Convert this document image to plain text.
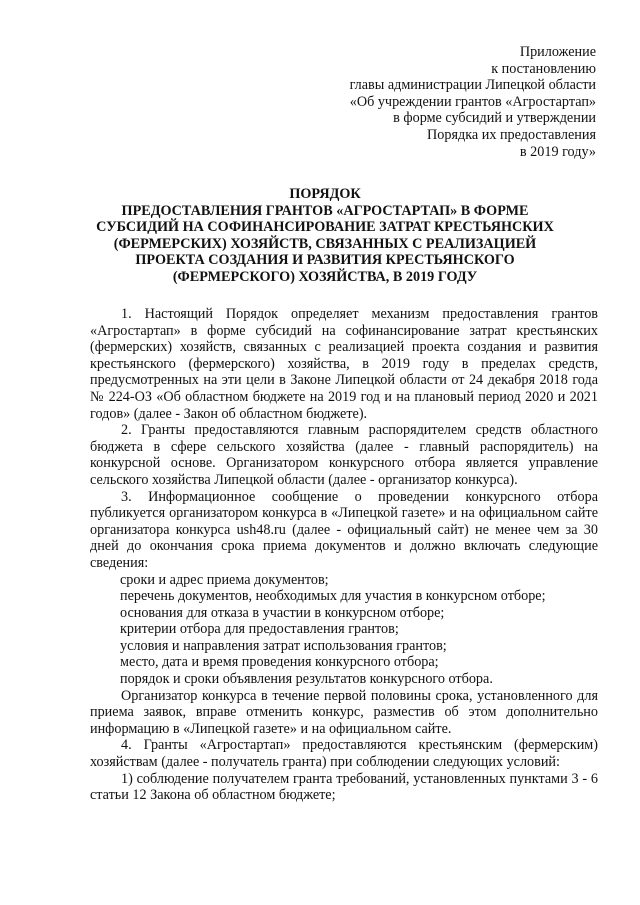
Приложение
к постановлению
главы администрации Липецкой области
«Об учреждении грантов «Агростартап»
в форме субсидий и утверждении
Порядка их предоставления
в 2019 году»
ПОРЯДОК
ПРЕДОСТАВЛЕНИЯ ГРАНТОВ «АГРОСТАРТАП» В ФОРМЕ
СУБСИДИЙ НА СОФИНАНСИРОВАНИЕ ЗАТРАТ КРЕСТЬЯНСКИХ
(ФЕРМЕРСКИХ) ХОЗЯЙСТВ, СВЯЗАННЫХ С РЕАЛИЗАЦИЕЙ
ПРОЕКТА СОЗДАНИЯ И РАЗВИТИЯ КРЕСТЬЯНСКОГО
(ФЕРМЕРСКОГО) ХОЗЯЙСТВА, В 2019 ГОДУ

1. Настоящий Порядок определяет механизм предоставления грантов «Агростартап» в форме субсидий на софинансирование затрат крестьянских (фермерских) хозяйств, связанных с реализацией проекта создания и развития крестьянского (фермерского) хозяйства, в 2019 году в пределах средств, предусмотренных на эти цели в Законе Липецкой области от 24 декабря 2018 года № 224-ОЗ «Об областном бюджете на 2019 год и на плановый период 2020 и 2021 годов» (далее - Закон об областном бюджете).

2. Гранты предоставляются главным распорядителем средств областного бюджета в сфере сельского хозяйства (далее - главный распорядитель) на конкурсной основе. Организатором конкурсного отбора является управление сельского хозяйства Липецкой области (далее - организатор конкурса).

3. Информационное сообщение о проведении конкурсного отбора публикуется организатором конкурса в «Липецкой газете» и на официальном сайте организатора конкурса ush48.ru (далее - официальный сайт) не менее чем за 30 дней до окончания срока приема документов и должно включать следующие сведения:

сроки и адрес приема документов;

перечень документов, необходимых для участия в конкурсном отборе;

основания для отказа в участии в конкурсном отборе;

критерии отбора для предоставления грантов;

условия и направления затрат использования грантов;

место, дата и время проведения конкурсного отбора;

порядок и сроки объявления результатов конкурсного отбора.

Организатор конкурса в течение первой половины срока, установленного для приема заявок, вправе отменить конкурс, разместив об этом дополнительно информацию в «Липецкой газете» и на официальном сайте.

4. Гранты «Агростартап» предоставляются крестьянским (фермерским) хозяйствам (далее - получатель гранта) при соблюдении следующих условий:

1) соблюдение получателем гранта требований, установленных пунктами 3 - 6 статьи 12 Закона об областном бюджете;
